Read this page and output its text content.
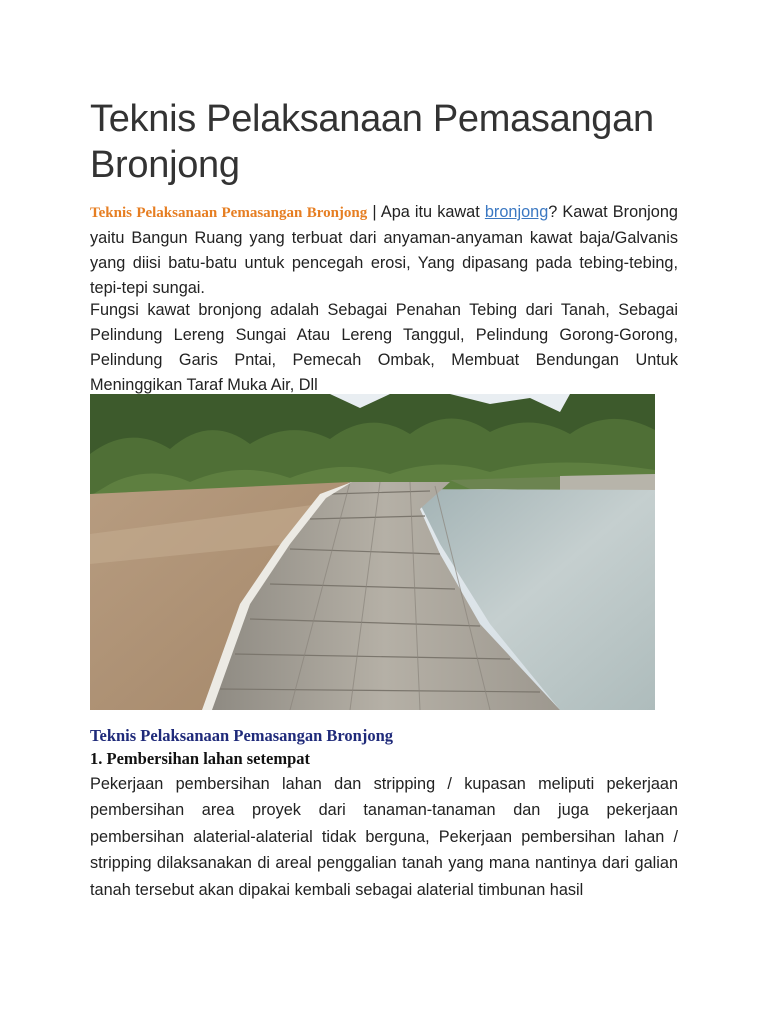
Teknis Pelaksanaan Pemasangan Bronjong

Teknis Pelaksanaan Pemasangan Bronjong | Apa itu kawat bronjong? Kawat Bronjong yaitu Bangun Ruang yang terbuat dari anyaman-anyaman kawat baja/Galvanis yang diisi batu-batu untuk pencegah erosi, Yang dipasang pada tebing-tebing, tepi-tepi sungai.

Fungsi kawat bronjong adalah Sebagai Penahan Tebing dari Tanah, Sebagai Pelindung Lereng Sungai Atau Lereng Tanggul, Pelindung Gorong-Gorong, Pelindung Garis Pntai, Pemecah Ombak, Membuat Bendungan Untuk Meninggikan Taraf Muka Air, Dll

Teknis Pelaksanaan Pemasangan Bronjong

1. Pembersihan lahan setempat

Pekerjaan pembersihan lahan dan stripping / kupasan meliputi pekerjaan pembersihan area proyek dari tanaman-tanaman dan juga pekerjaan pembersihan alaterial-alaterial tidak berguna, Pekerjaan pembersihan lahan / stripping dilaksanakan di areal penggalian tanah yang mana nantinya dari galian tanah tersebut akan dipakai kembali sebagai alaterial timbunan hasil
